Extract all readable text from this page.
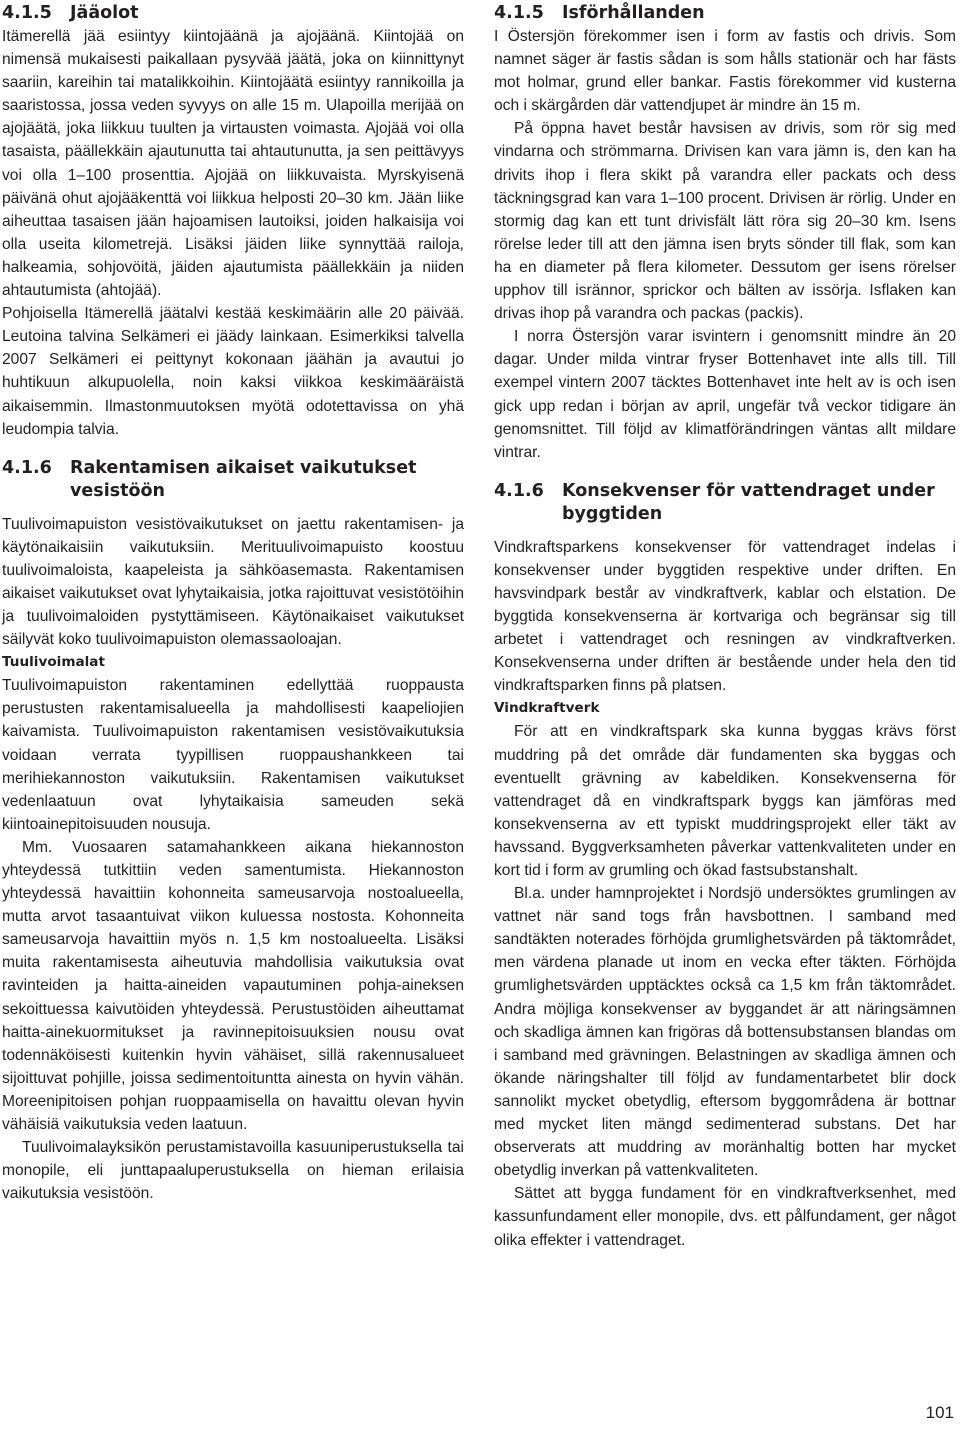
4.1.5	Jääolot

Itämerellä jää esiintyy kiintojäänä ja ajojäänä. Kiintojää on nimensä mukaisesti paikallaan pysyvää jäätä, joka on kiinnittynyt saariin, kareihin tai matalikkoihin. Kiintojäätä esiintyy rannikoilla ja saaristossa, jossa veden syvyys on alle 15 m. Ulapoilla merijää on ajojäätä, joka liikkuu tuulten ja virtausten voimasta. Ajojää voi olla tasaista, päällekkäin ajautunutta tai ahtautunutta, ja sen peittävyys voi olla 1–100 prosenttia. Ajojää on liikkuvaista. Myrskyisenä päivänä ohut ajojääkenttä voi liikkua helposti 20–30 km. Jään liike aiheuttaa tasaisen jään hajoamisen lautoiksi, joiden halkaisija voi olla useita kilometrejä. Lisäksi jäiden liike synnyttää railoja, halkeamia, sohjovöitä, jäiden ajautumista päällekkäin ja niiden ahtautumista (ahtojää).

Pohjoisella Itämerellä jäätalvi kestää keskimäärin alle 20 päivää. Leutoina talvina Selkämeri ei jäädy lainkaan. Esimerkiksi talvella 2007 Selkämeri ei peittynyt kokonaan jäähän ja avautui jo huhtikuun alkupuolella, noin kaksi viikkoa keskimääräistä aikaisemmin. Ilmastonmuutoksen myötä odotettavissa on yhä leudompia talvia.

4.1.6	Rakentamisen aikaiset vaikutukset vesistöön

Tuulivoimapuiston vesistövaikutukset on jaettu rakentamisen- ja käytönaikaisiin vaikutuksiin. Merituulivoimapuisto koostuu tuulivoimaloista, kaapeleista ja sähköasemasta. Rakentamisen aikaiset vaikutukset ovat lyhytaikaisia, jotka rajoittuvat vesistötöihin ja tuulivoimaloiden pystyttämiseen. Käytönaikaiset vaikutukset säilyvät koko tuulivoimapuiston olemassaoloajan.

Tuulivoimalat

Tuulivoimapuiston rakentaminen edellyttää ruoppausta perustusten rakentamisalueella ja mahdollisesti kaapeliojien kaivamista. Tuulivoimapuiston rakentamisen vesistövaikutuksia voidaan verrata tyypillisen ruoppaushankkeen tai merihiekannoston vaikutuksiin. Rakentamisen vaikutukset vedenlaatuun ovat lyhytaikaisia sameuden sekä kiintoainepitoisuuden nousuja.

Mm. Vuosaaren satamahankkeen aikana hiekannoston yhteydessä tutkittiin veden samentumista. Hiekannoston yhteydessä havaittiin kohonneita sameusarvoja nostoalueella, mutta arvot tasaantuivat viikon kuluessa nostosta. Kohonneita sameusarvoja havaittiin myös n. 1,5 km nostoalueelta. Lisäksi muita rakentamisesta aiheutuvia mahdollisia vaikutuksia ovat ravinteiden ja haitta-aineiden vapautuminen pohja-aineksen sekoittuessa kaivutöiden yhteydessä. Perustustöiden aiheuttamat haitta-ainekuormitukset ja ravinnepitoisuuksien nousu ovat todennäköisesti kuitenkin hyvin vähäiset, sillä rakennusalueet sijoittuvat pohjille, joissa sedimentoituntta ainesta on hyvin vähän. Moreenipitoisen pohjan ruoppaamisella on havaittu olevan hyvin vähäisiä vaikutuksia veden laatuun.

Tuulivoimalayksikön perustamistavoilla kasuuniperustuksella tai monopile, eli junttapaaluperustuksella on hieman erilaisia vaikutuksia vesistöön.

4.1.5	Isförhållanden

I Östersjön förekommer isen i form av fastis och drivis. Som namnet säger är fastis sådan is som hålls stationär och har fästs mot holmar, grund eller bankar. Fastis förekommer vid kusterna och i skärgården där vattendjupet är mindre än 15 m.

På öppna havet består havsisen av drivis, som rör sig med vindarna och strömmarna. Drivisen kan vara jämn is, den kan ha drivits ihop i flera skikt på varandra eller packats och dess täckningsgrad kan vara 1–100 procent. Drivisen är rörlig. Under en stormig dag kan ett tunt drivisfält lätt röra sig 20–30 km. Isens rörelse leder till att den jämna isen bryts sönder till flak, som kan ha en diameter på flera kilometer. Dessutom ger isens rörelser upphov till isrännor, sprickor och bälten av issörja. Isflaken kan drivas ihop på varandra och packas (packis).

I norra Östersjön varar isvintern i genomsnitt mindre än 20 dagar. Under milda vintrar fryser Bottenhavet inte alls till. Till exempel vintern 2007 täcktes Bottenhavet inte helt av is och isen gick upp redan i början av april, ungefär två veckor tidigare än genomsnittet. Till följd av klimatförändringen väntas allt mildare vintrar.

4.1.6	Konsekvenser för vattendraget under byggtiden

Vindkraftsparkens konsekvenser för vattendraget indelas i konsekvenser under byggtiden respektive under driften. En havsvindpark består av vindkraftverk, kablar och elstation. De byggtida konsekvenserna är kortvariga och begränsar sig till arbetet i vattendraget och resningen av vindkraftverken. Konsekvenserna under driften är bestående under hela den tid vindkraftsparken finns på platsen.

Vindkraftverk

För att en vindkraftspark ska kunna byggas krävs först muddring på det område där fundamenten ska byggas och eventuellt grävning av kabeldiken. Konsekvenserna för vattendraget då en vindkraftspark byggs kan jämföras med konsekvenserna av ett typiskt muddringsprojekt eller täkt av havssand. Byggverksamheten påverkar vattenkvaliteten under en kort tid i form av grumling och ökad fastsubstanshalt.

Bl.a. under hamnprojektet i Nordsjö undersöktes grumlingen av vattnet när sand togs från havsbottnen. I samband med sandtäkten noterades förhöjda grumlighetsvärden på täktområdet, men värdena planade ut inom en vecka efter täkten. Förhöjda grumlighetsvärden upptäcktes också ca 1,5 km från täktområdet. Andra möjliga konsekvenser av byggandet är att näringsämnen och skadliga ämnen kan frigöras då bottensubstansen blandas om i samband med grävningen. Belastningen av skadliga ämnen och ökande näringshalter till följd av fundamentarbetet blir dock sannolikt mycket obetydlig, eftersom byggområdena är bottnar med mycket liten mängd sedimenterad substans. Det har observerats att muddring av moränhaltig botten har mycket obetydlig inverkan på vattenkvaliteten.

Sättet att bygga fundament för en vindkraftverksenhet, med kassunfundament eller monopile, dvs. ett pålfundament, ger något olika effekter i vattendraget.

101
